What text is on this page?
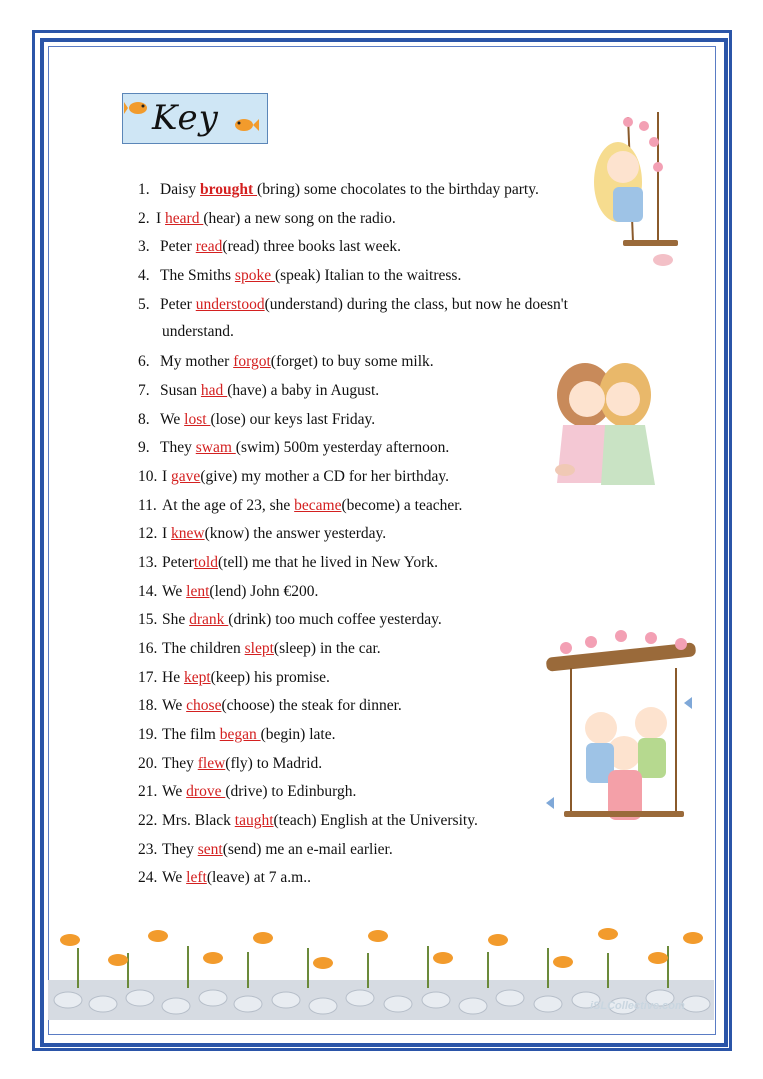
Key
1. Daisy brought (bring) some chocolates to the birthday party.
2. I heard (hear) a new song on the radio.
3. Peter read(read) three books last week.
4. The Smiths spoke (speak) Italian to the waitress.
5. Peter understood(understand) during the class, but now he doesn't
understand.
6. My mother forgot(forget) to buy some milk.
7. Susan had (have) a baby in August.
8. We lost (lose) our keys last Friday.
9. They swam (swim) 500m yesterday afternoon.
10. I gave(give) my mother a CD for her birthday.
11. At the age of 23, she became(become) a teacher.
12. I knew(know) the answer yesterday.
13. Petertold(tell) me that he lived in New York.
14. We lent(lend) John €200.
15. She drank (drink) too much coffee yesterday.
16. The children slept(sleep) in the car.
17. He kept(keep) his promise.
18. We chose(choose) the steak for dinner.
19. The film began (begin) late.
20. They flew(fly) to Madrid.
21. We drove (drive) to Edinburgh.
22. Mrs. Black taught(teach) English at the University.
23. They sent(send) me an e-mail earlier.
24. We left(leave) at 7 a.m..
iSLCollective.com
